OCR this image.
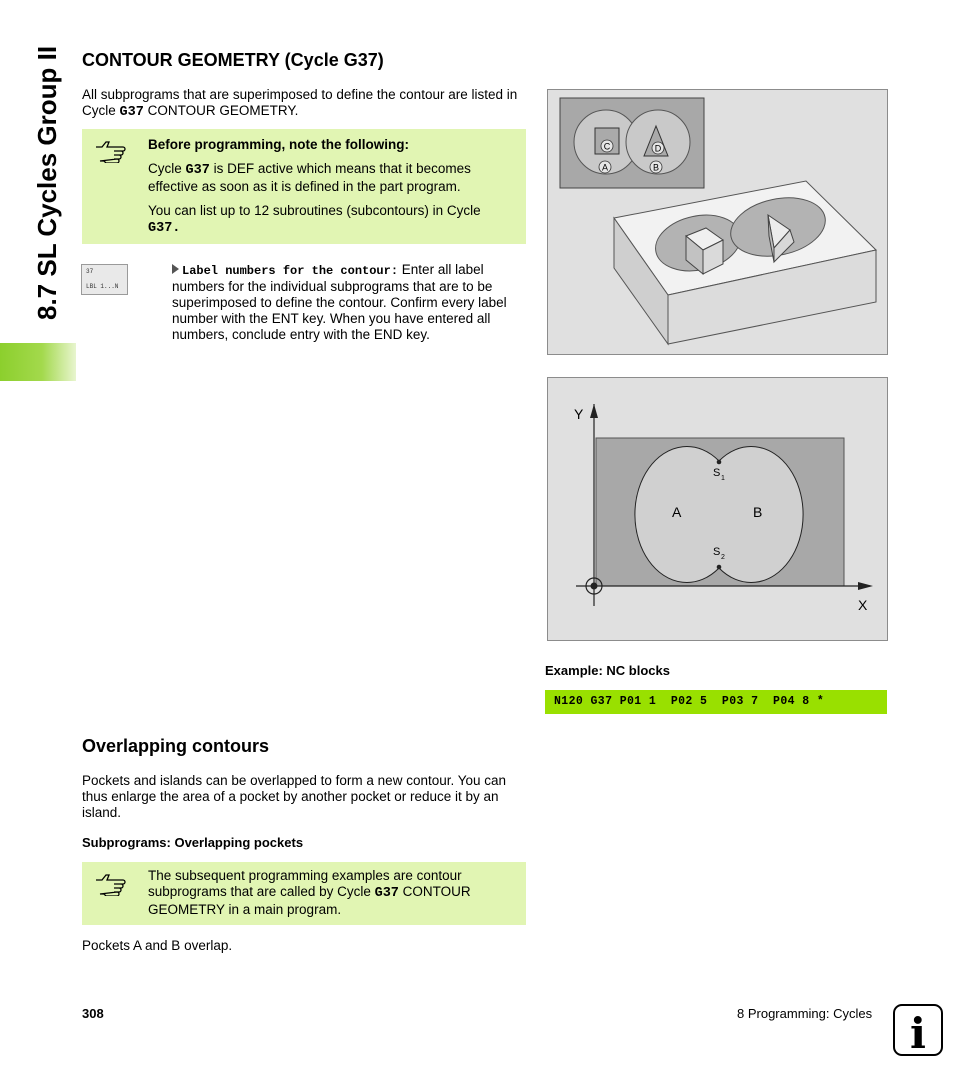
8.7 SL Cycles Group II CONTOUR GEOMETRY (Cycle G37)
All subprograms that are superimposed to define the contour are listed in Cycle G37 CONTOUR GEOMETRY.

Before programming, note the following:

Cycle G37 is DEF active which means that it becomes effective as soon as it is defined in the part program.

You can list up to 12 subroutines (subcontours) in Cycle G37.

37
LBL 1...N
Label numbers for the contour: Enter all label numbers for the individual subprograms that are to be superimposed to define the contour. Confirm every label number with the ENT key. When you have entered all numbers, conclude entry with the END key.
C	D
A	B
Y
X
A	B
S 1
S 2
Example: NC blocks
N120 G37 P01 1  P02 5  P03 7  P04 8 *
Overlapping contours
Pockets and islands can be overlapped to form a new contour. You can thus enlarge the area of a pocket by another pocket or reduce it by an island.
Subprograms: Overlapping pockets
The subsequent programming examples are contour subprograms that are called by Cycle G37 CONTOUR GEOMETRY in a main program.
Pockets A and B overlap.
308	8 Programming: Cycles i
